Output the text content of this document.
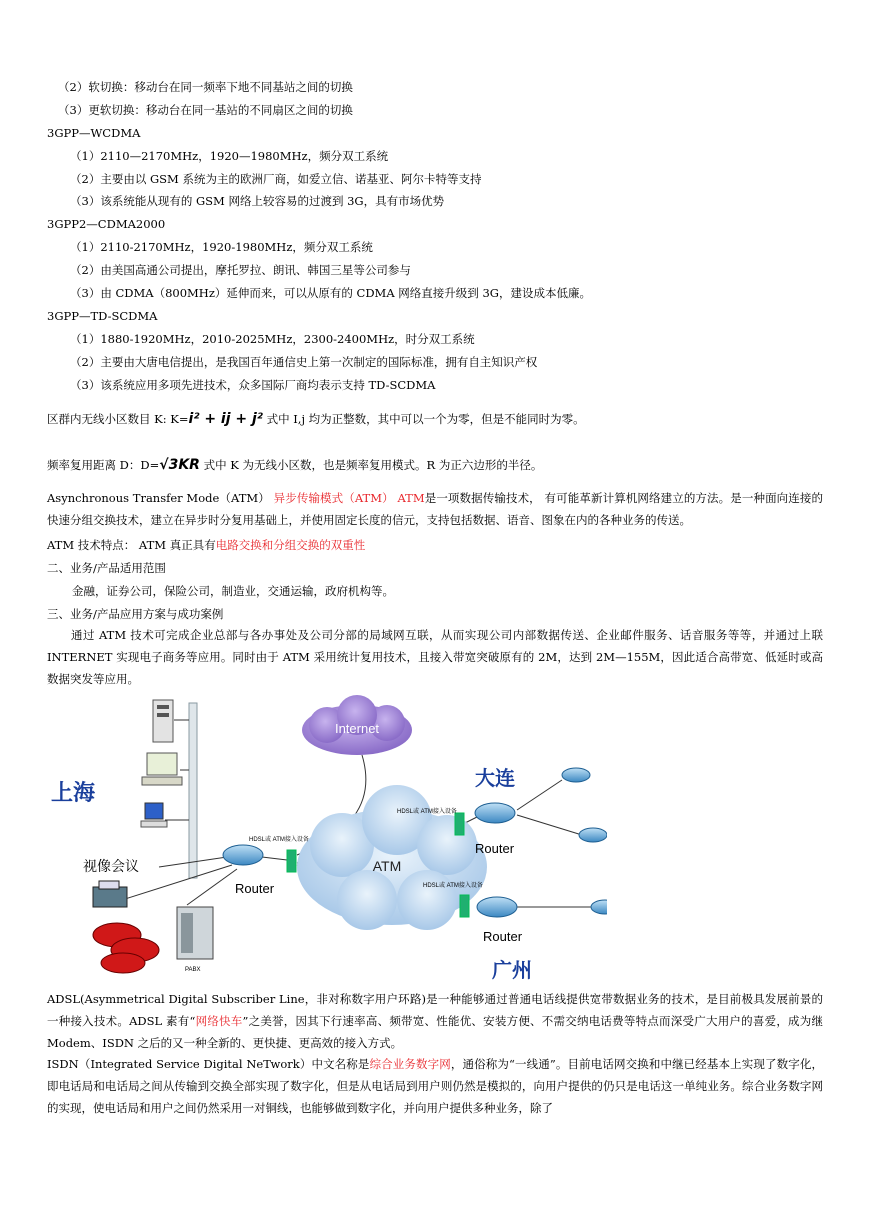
（2）软切换：移动台在同一频率下地不同基站之间的切换
（3）更软切换：移动台在同一基站的不同扇区之间的切换
3GPP—WCDMA
（1）2110—2170MHz，1920—1980MHz，频分双工系统
（2）主要由以 GSM 系统为主的欧洲厂商，如爱立信、诺基亚、阿尔卡特等支持
（3）该系统能从现有的 GSM 网络上较容易的过渡到 3G，具有市场优势
3GPP2—CDMA2000
（1）2110-2170MHz，1920-1980MHz，频分双工系统
（2）由美国高通公司提出，摩托罗拉、朗讯、韩国三星等公司参与
（3）由 CDMA（800MHz）延伸而来，可以从原有的 CDMA 网络直接升级到 3G，建设成本低廉。
3GPP—TD-SCDMA
（1）1880-1920MHz，2010-2025MHz，2300-2400MHz，时分双工系统
（2）主要由大唐电信提出，是我国百年通信史上第一次制定的国际标准，拥有自主知识产权
（3）该系统应用多项先进技术，众多国际厂商均表示支持 TD-SCDMA
区群内无线小区数目 K: K=i² + ij + j² 式中 I,j 均为正整数，其中可以一个为零，但是不能同时为零。
频率复用距离 D：D=√3KR 式中 K 为无线小区数，也是频率复用模式。R 为正六边形的半径。
Asynchronous Transfer Mode（ATM） 异步传输模式（ATM） ATM是一项数据传输技术， 有可能革新计算机网络建立的方法。是一种面向连接的快速分组交换技术，建立在异步时分复用基础上，并使用固定长度的信元，支持包括数据、语音、图象在内的各种业务的传送。
ATM 技术特点： ATM 真正具有电路交换和分组交换的双重性
二、业务/产品适用范围
金融，证券公司，保险公司，制造业，交通运输，政府机构等。
三、业务/产品应用方案与成功案例
通过 ATM 技术可完成企业总部与各办事处及公司分部的局域网互联，从而实现公司内部数据传送、企业邮件服务、话音服务等等，并通过上联 INTERNET 实现电子商务等应用。同时由于 ATM 采用统计复用技术，且接入带宽突破原有的 2M，达到 2M—155M，因此适合高带宽、低延时或高数据突发等应用。
Internet
ATM
上海
视像会议
Router
HDSL或 ATM接入设备
PABX
大连
HDSL或 ATM接入设备
Router
HDSL或 ATM接入设备
Router
广州
ADSL(Asymmetrical Digital Subscriber Line，非对称数字用户环路)是一种能够通过普通电话线提供宽带数据业务的技术，是目前极具发展前景的一种接入技术。ADSL 素有“网络快车”之美誉，因其下行速率高、频带宽、性能优、安装方便、不需交纳电话费等特点而深受广大用户的喜爱，成为继 Modem、ISDN 之后的又一种全新的、更快捷、更高效的接入方式。
ISDN（Integrated Service Digital NeTwork）中文名称是综合业务数字网，通俗称为“一线通”。目前电话网交换和中继已经基本上实现了数字化，即电话局和电话局之间从传输到交换全部实现了数字化，但是从电话局到用户则仍然是模拟的，向用户提供的仍只是电话这一单纯业务。综合业务数字网的实现，使电话局和用户之间仍然采用一对铜线，也能够做到数字化，并向用户提供多种业务，除了
